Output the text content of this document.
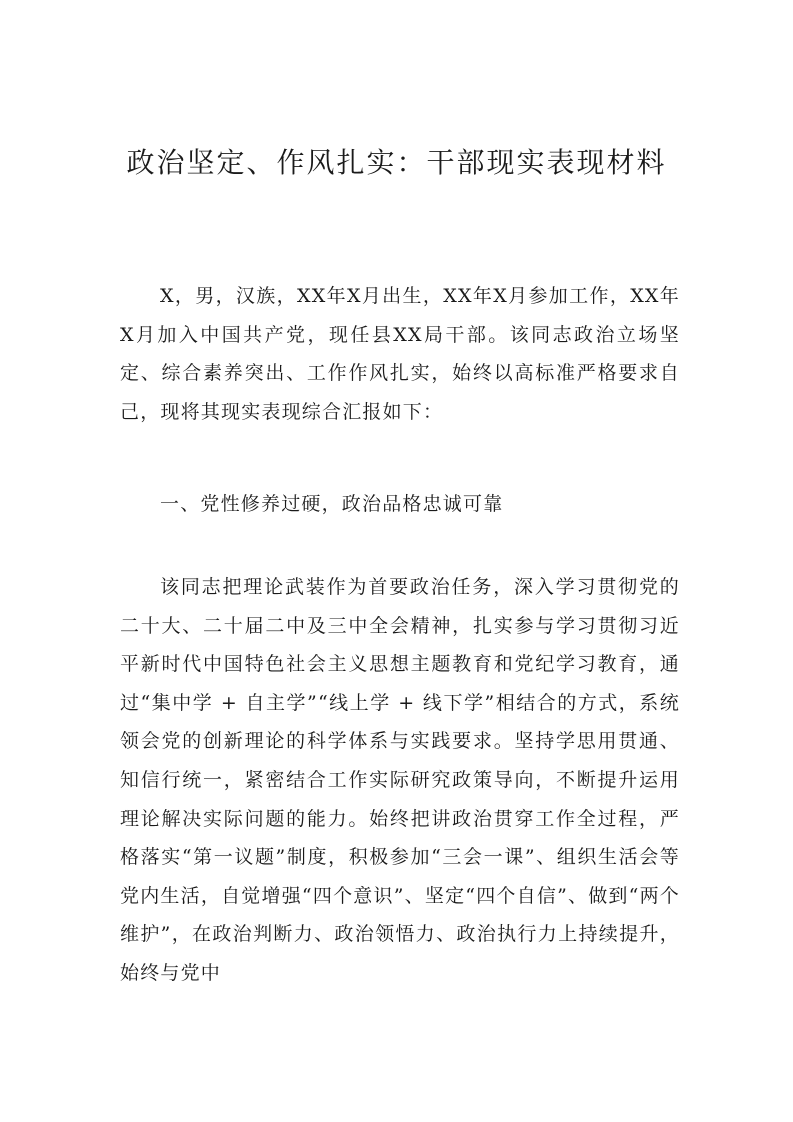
政治坚定、作风扎实：干部现实表现材料

X，男，汉族，XX年X月出生，XX年X月参加工作，XX年X月加入中国共产党，现任县XX局干部。该同志政治立场坚定、综合素养突出、工作作风扎实，始终以高标准严格要求自己，现将其现实表现综合汇报如下：

一、党性修养过硬，政治品格忠诚可靠

该同志把理论武装作为首要政治任务，深入学习贯彻党的二十大、二十届二中及三中全会精神，扎实参与学习贯彻习近平新时代中国特色社会主义思想主题教育和党纪学习教育，通过“集中学 + 自主学”“线上学 + 线下学”相结合的方式，系统领会党的创新理论的科学体系与实践要求。坚持学思用贯通、知信行统一，紧密结合工作实际研究政策导向，不断提升运用理论解决实际问题的能力。始终把讲政治贯穿工作全过程，严格落实“第一议题”制度，积极参加“三会一课”、组织生活会等党内生活，自觉增强“四个意识”、坚定“四个自信”、做到“两个维护”，在政治判断力、政治领悟力、政治执行力上持续提升，始终与党中
